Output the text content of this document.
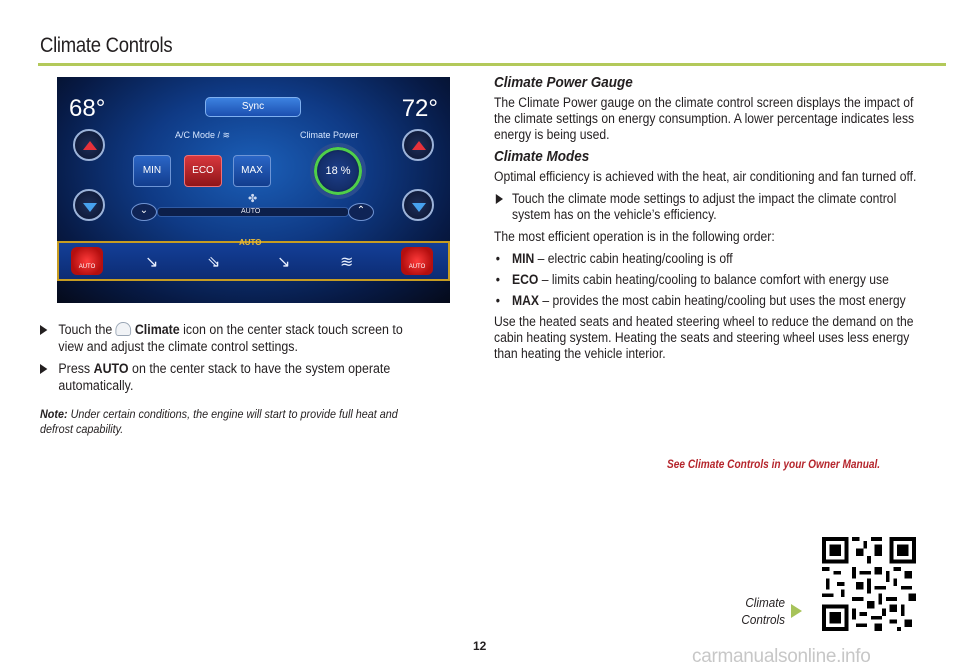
Climate Controls
68°	72°
Sync
A/C Mode / ≋	Climate Power
MIN	ECO	MAX	18 %
⌄
✤
AUTO	⌃
AUTO
AUTO	↘	⇘	↘	≋	AUTO
Touch the Climate icon on the center stack touch screen to view and adjust the climate control settings.
Press AUTO on the center stack to have the system operate automatically.
Note: Under certain conditions, the engine will start to provide full heat and defrost capability.
Climate Power Gauge
The Climate Power gauge on the climate control screen displays the impact of the climate settings on energy consumption. A lower percentage indicates less energy is being used.
Climate Modes
Optimal efficiency is achieved with the heat, air conditioning and fan turned off.
Touch the climate mode settings to adjust the impact the climate control system has on the vehicle’s efficiency.
The most efficient operation is in the following order:
• MIN – electric cabin heating/cooling is off
• ECO – limits cabin heating/cooling to balance comfort with energy use
• MAX – provides the most cabin heating/cooling but uses the most energy
Use the heated seats and heated steering wheel to reduce the demand on the cabin heating system. Heating the seats and steering wheel uses less energy than heating the vehicle interior.
See Climate Controls in your Owner Manual.
Climate
Controls
12	carmanualsonline.info
